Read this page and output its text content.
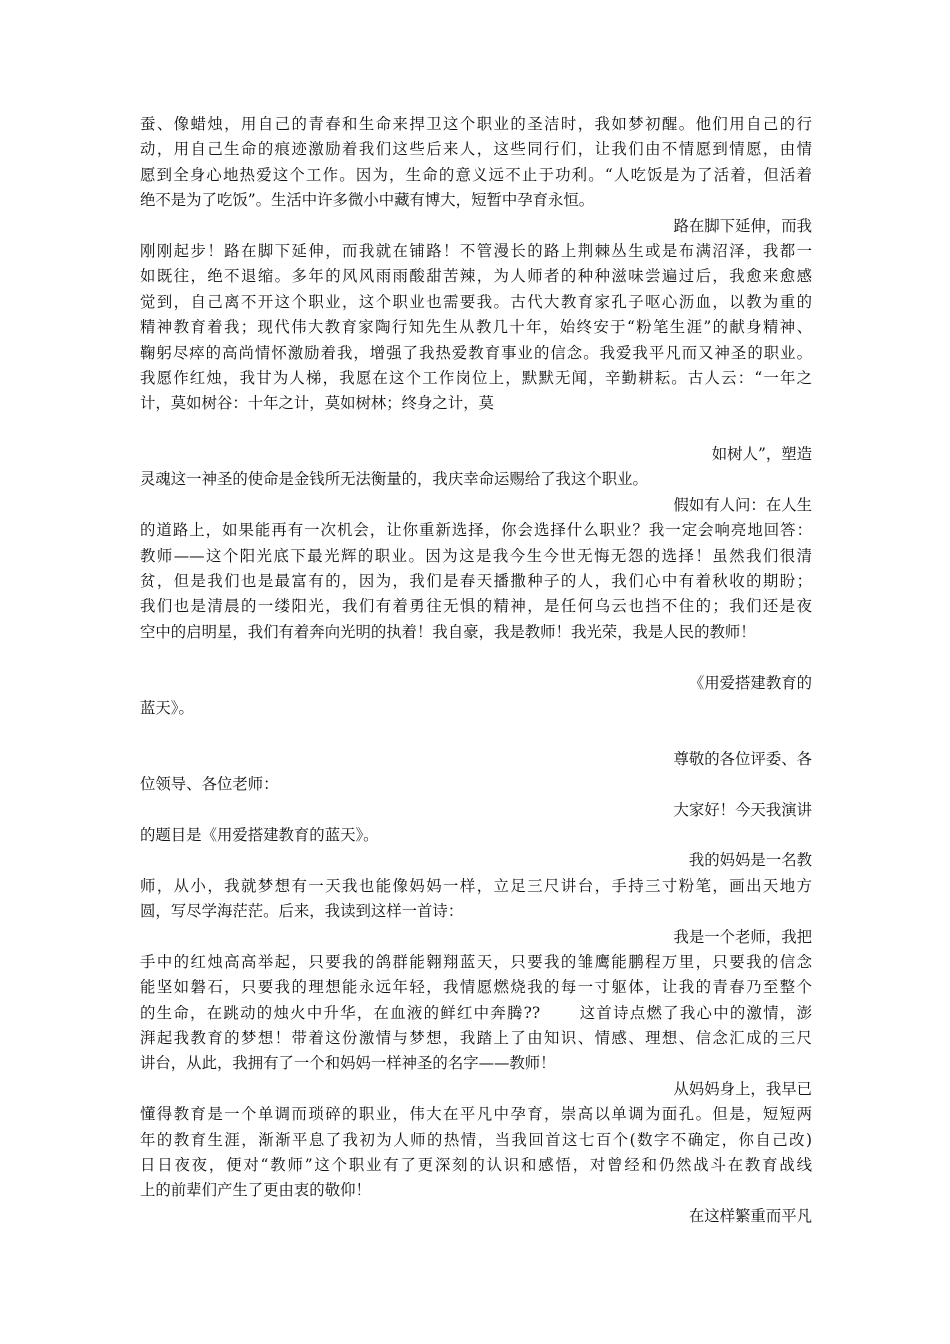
蚕、像蜡烛，用自己的青春和生命来捍卫这个职业的圣洁时，我如梦初醒。他们用自己的行
动，用自己生命的痕迹激励着我们这些后来人，这些同行们，让我们由不情愿到情愿，由情
愿到全身心地热爱这个工作。因为，生命的意义远不止于功利。“人吃饭是为了活着，但活着
绝不是为了吃饭”。生活中许多微小中藏有博大，短暂中孕育永恒。
路在脚下延伸，而我
刚刚起步！路在脚下延伸，而我就在铺路！不管漫长的路上荆棘丛生或是布满沼泽，我都一
如既往，绝不退缩。多年的风风雨雨酸甜苦辣，为人师者的种种滋味尝遍过后，我愈来愈感
觉到，自己离不开这个职业，这个职业也需要我。古代大教育家孔子呕心沥血，以教为重的
精神教育着我；现代伟大教育家陶行知先生从教几十年，始终安于“粉笔生涯”的献身精神、
鞠躬尽瘁的高尚情怀激励着我，增强了我热爱教育事业的信念。我爱我平凡而又神圣的职业。
我愿作红烛，我甘为人梯，我愿在这个工作岗位上，默默无闻，辛勤耕耘。古人云：“一年之
计，莫如树谷：十年之计，莫如树林；终身之计，莫
如树人”，塑造
灵魂这一神圣的使命是金钱所无法衡量的，我庆幸命运赐给了我这个职业。
假如有人问：在人生
的道路上，如果能再有一次机会，让你重新选择，你会选择什么职业？我一定会响亮地回答：
教师——这个阳光底下最光辉的职业。因为这是我今生今世无悔无怨的选择！虽然我们很清
贫，但是我们也是最富有的，因为，我们是春天播撒种子的人，我们心中有着秋收的期盼；
我们也是清晨的一缕阳光，我们有着勇往无惧的精神，是任何乌云也挡不住的；我们还是夜
空中的启明星，我们有着奔向光明的执着！我自豪，我是教师！我光荣，我是人民的教师！
《用爱搭建教育的
蓝天》。
尊敬的各位评委、各
位领导、各位老师：
大家好！今天我演讲
的题目是《用爱搭建教育的蓝天》。
我的妈妈是一名教
师，从小，我就梦想有一天我也能像妈妈一样，立足三尺讲台，手持三寸粉笔，画出天地方
圆，写尽学海茫茫。后来，我读到这样一首诗：
我是一个老师，我把
手中的红烛高高举起，只要我的鸽群能翱翔蓝天，只要我的雏鹰能鹏程万里，只要我的信念
能坚如磐石，只要我的理想能永远年轻，我情愿燃烧我的每一寸躯体，让我的青春乃至整个
的生命，在跳动的烛火中升华，在血液的鲜红中奔腾?? 　　这首诗点燃了我心中的激情，澎
湃起我教育的梦想！带着这份激情与梦想，我踏上了由知识、情感、理想、信念汇成的三尺
讲台，从此，我拥有了一个和妈妈一样神圣的名字——教师！
从妈妈身上，我早已
懂得教育是一个单调而琐碎的职业，伟大在平凡中孕育，崇高以单调为面孔。但是，短短两
年的教育生涯，渐渐平息了我初为人师的热情，当我回首这七百个(数字不确定，你自己改)
日日夜夜，便对“教师”这个职业有了更深刻的认识和感悟，对曾经和仍然战斗在教育战线
上的前辈们产生了更由衷的敬仰！
在这样繁重而平凡
